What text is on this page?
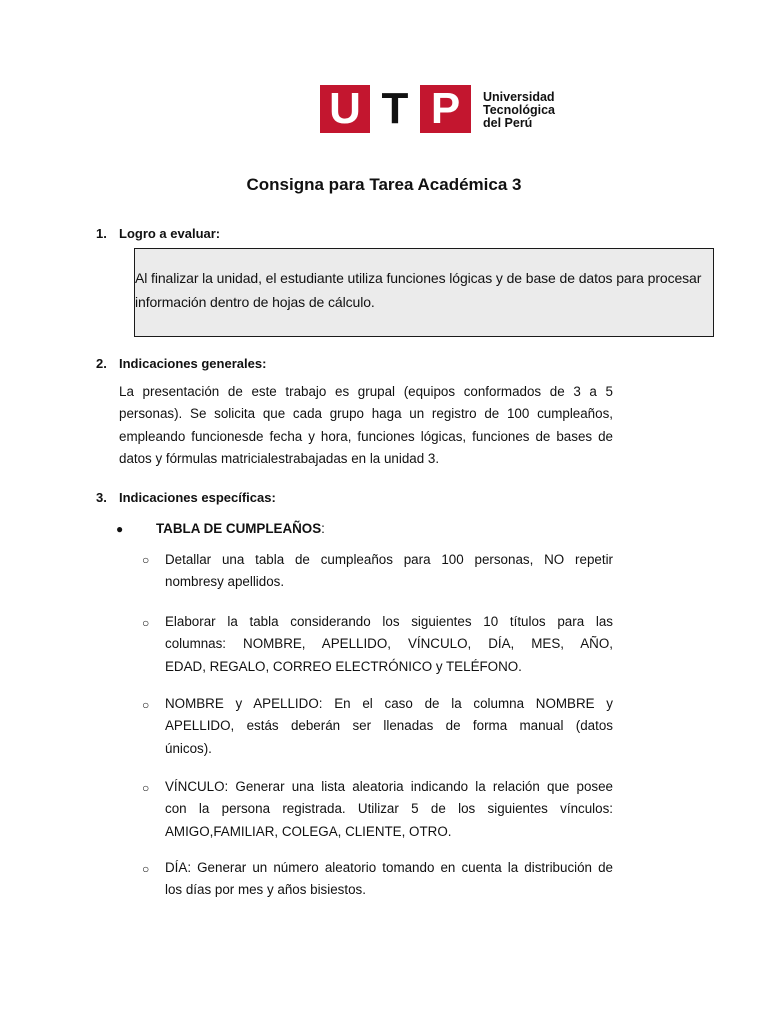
U T P	Universidad
Tecnológica
del Perú
Consigna para Tarea Académica 3
1. Logro a evaluar:
Al finalizar la unidad, el estudiante utiliza funciones lógicas y de base de datos para procesar
información dentro de hojas de cálculo.
2. Indicaciones generales:
La presentación de este trabajo es grupal (equipos conformados de 3 a 5
personas). Se solicita que cada grupo haga un registro de 100 cumpleaños,
empleando funcionesde fecha y hora, funciones lógicas, funciones de bases de
datos y fórmulas matricialestrabajadas en la unidad 3.
3. Indicaciones específicas:
● TABLA DE CUMPLEAÑOS:
○ Detallar una tabla de cumpleaños para 100 personas, NO repetir
nombresy apellidos.
○ Elaborar la tabla considerando los siguientes 10 títulos para las
columnas: NOMBRE, APELLIDO, VÍNCULO, DÍA, MES, AÑO,
EDAD, REGALO, CORREO ELECTRÓNICO y TELÉFONO.
○ NOMBRE y APELLIDO: En el caso de la columna NOMBRE y
APELLIDO, estás deberán ser llenadas de forma manual (datos
únicos).
○ VÍNCULO: Generar una lista aleatoria indicando la relación que posee
con la persona registrada. Utilizar 5 de los siguientes vínculos:
AMIGO,FAMILIAR, COLEGA, CLIENTE, OTRO.
○ DÍA: Generar un número aleatorio tomando en cuenta la distribución de
los días por mes y años bisiestos.
